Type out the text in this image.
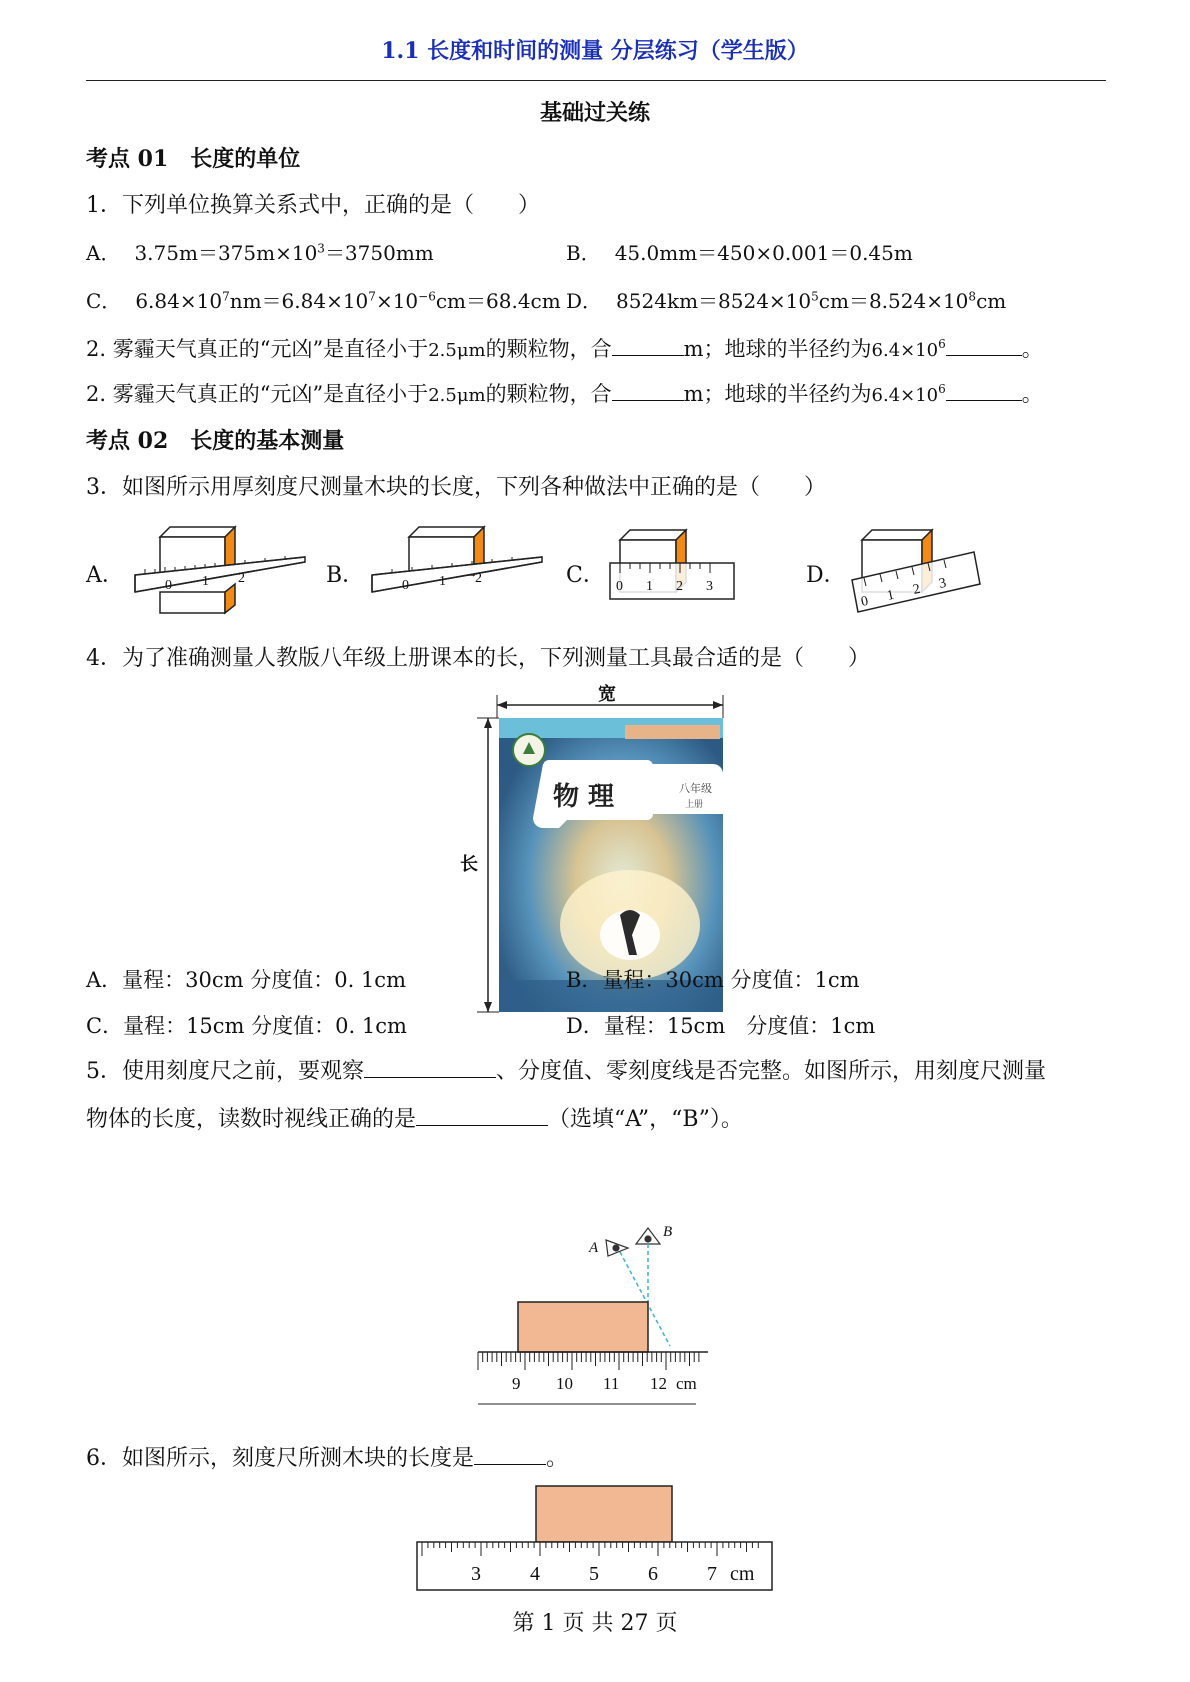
1.1 长度和时间的测量 分层练习（学生版）
基础过关练
考点 01　长度的单位
1．下列单位换算关系式中，正确的是（　　）
A． $3.75m=375m\times 10^3=3750mm$	B． 45.0mm＝450×0.001＝0.45m
C． $6.84\times 10^7nm=6.84\times 10^7\times 10^{-6}cm=68.4cm$ D． $8524km=8524\times 10^5cm=8.524\times 10^8cm$
2. 雾霾天气真正的“元凶”是直径小于2.5μm的颗粒物，合	m；地球的半径约为$6.4\times 10^6$	。
2. 雾霾天气真正的“元凶”是直径小于2.5μm的颗粒物，合	m；地球的半径约为$6.4\times 10^6$	。
考点 02　长度的基本测量
3．如图所示用厚刻度尺测量木块的长度，下列各种做法中正确的是（　　）
A．	B．	C．	D．
0 1 2	0 1 2
0 1 2 3
0 1 2 3
4．为了准确测量人教版八年级上册课本的长，下列测量工具最合适的是（　　）
宽
长
物 理	八年级
上册
A．量程：30cm 分度值：0. 1cm	B．量程：30cm 分度值：1cm
C．量程：15cm 分度值：0. 1cm	D．量程：15cm　分度值：1cm
5．使用刻度尺之前，要观察	、分度值、零刻度线是否完整。如图所示，用刻度尺测量
物体的长度，读数时视线正确的是	（选填“A”，“B”）。
A
B
9 10 11 12 cm
6．如图所示，刻度尺所测木块的长度是	。
3 4 5 6 7 cm
第 1 页 共 27 页
